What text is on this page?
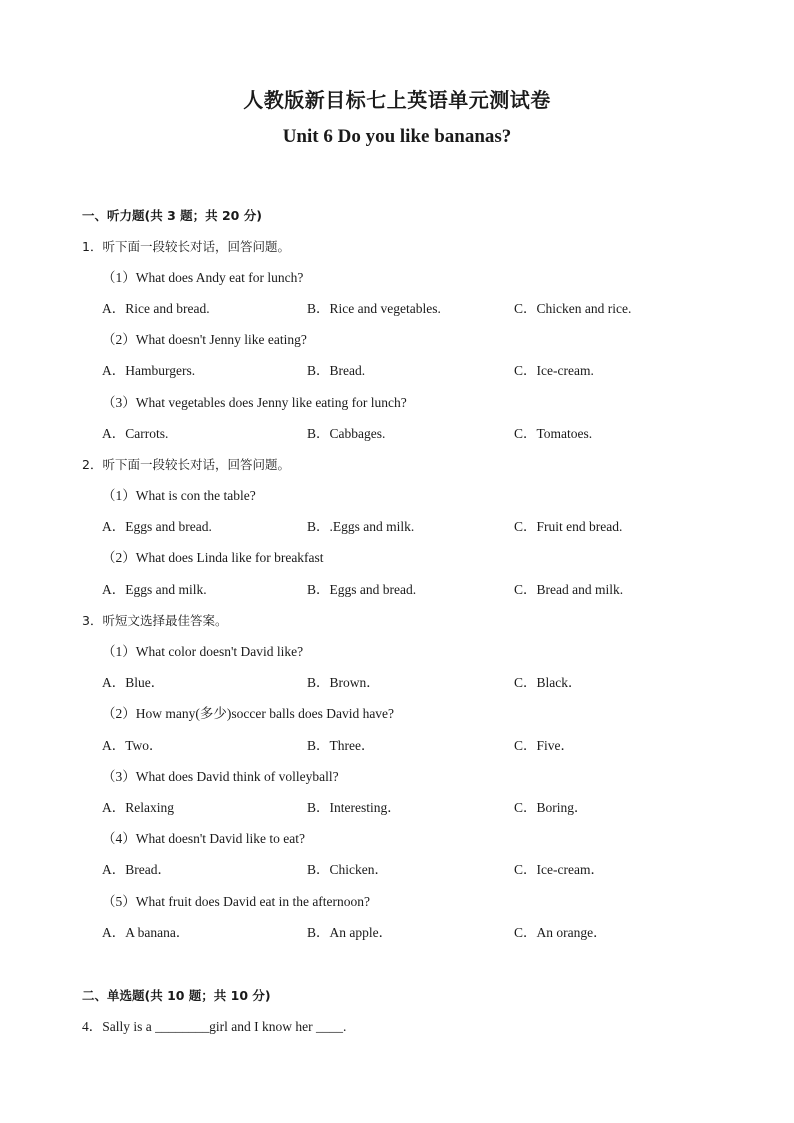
人教版新目标七上英语单元测试卷
Unit 6 Do you like bananas?
一、听力题(共 3 题；共 20 分)
1．听下面一段较长对话，回答问题。
（1）What does Andy eat for lunch?
A．Rice and bread.	B．Rice and vegetables.	C．Chicken and rice.
（2）What doesn't Jenny like eating?
A．Hamburgers.	B．Bread.	C．Ice-cream.
（3）What vegetables does Jenny like eating for lunch?
A．Carrots.	B．Cabbages.	C．Tomatoes.
2．听下面一段较长对话，回答问题。
（1）What is con the table?
A．Eggs and bread.	B．.Eggs and milk.	C．Fruit end bread.
（2）What does Linda like for breakfast
A．Eggs and milk.	B．Eggs and bread.	C．Bread and milk.
3．听短文选择最佳答案。
（1）What color doesn't David like?
A．Blue．	B．Brown．	C．Black．
（2）How many(多少)soccer balls does David have?
A．Two．	B．Three．	C．Five．
（3）What does David think of volleyball?
A．Relaxing	B．Interesting．	C．Boring．
（4）What doesn't David like to eat?
A．Bread．	B．Chicken．	C．Ice-cream．
（5）What fruit does David eat in the afternoon?
A．A banana．	B．An apple．	C．An orange．
二、单选题(共 10 题；共 10 分)
4．Sally is a ________girl and I know her ____.
